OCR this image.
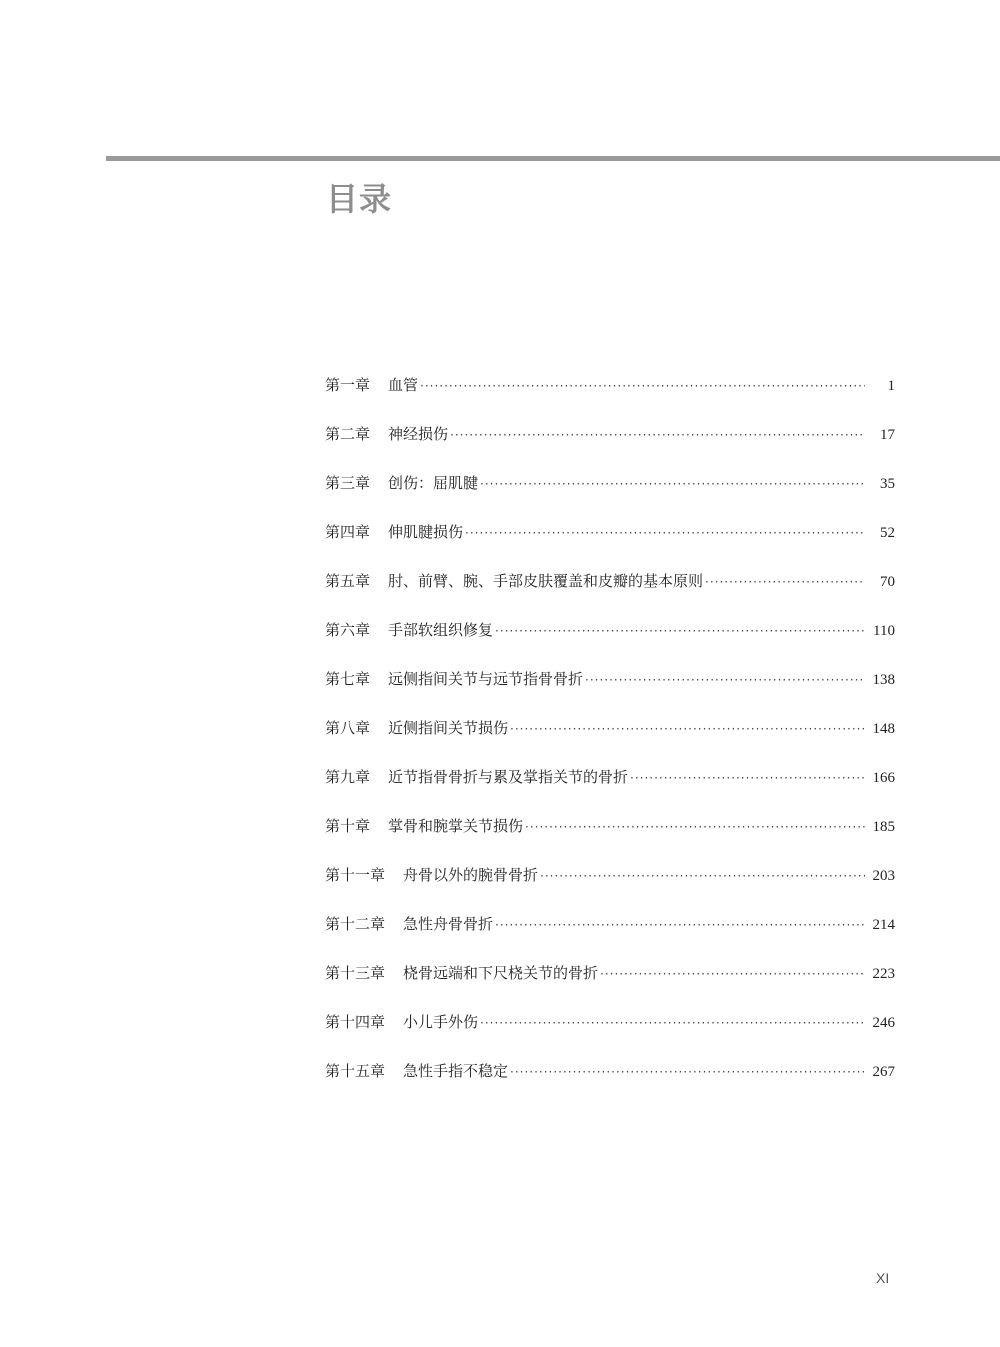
目录
第一章 血管 ·····	1
第二章 神经损伤 ·····	17
第三章 创伤：屈肌腱 ·····	35
第四章 伸肌腱损伤 ·····	52
第五章 肘、前臂、腕、手部皮肤覆盖和皮瓣的基本原则 ·····	70
第六章 手部软组织修复 ·····	110
第七章 远侧指间关节与远节指骨骨折 ·····	138
第八章 近侧指间关节损伤 ·····	148
第九章 近节指骨骨折与累及掌指关节的骨折 ·····	166
第十章 掌骨和腕掌关节损伤 ·····	185
第十一章 舟骨以外的腕骨骨折 ·····	203
第十二章 急性舟骨骨折 ·····	214
第十三章 桡骨远端和下尺桡关节的骨折 ·····	223
第十四章 小儿手外伤 ·····	246
第十五章 急性手指不稳定 ·····	267
XI
